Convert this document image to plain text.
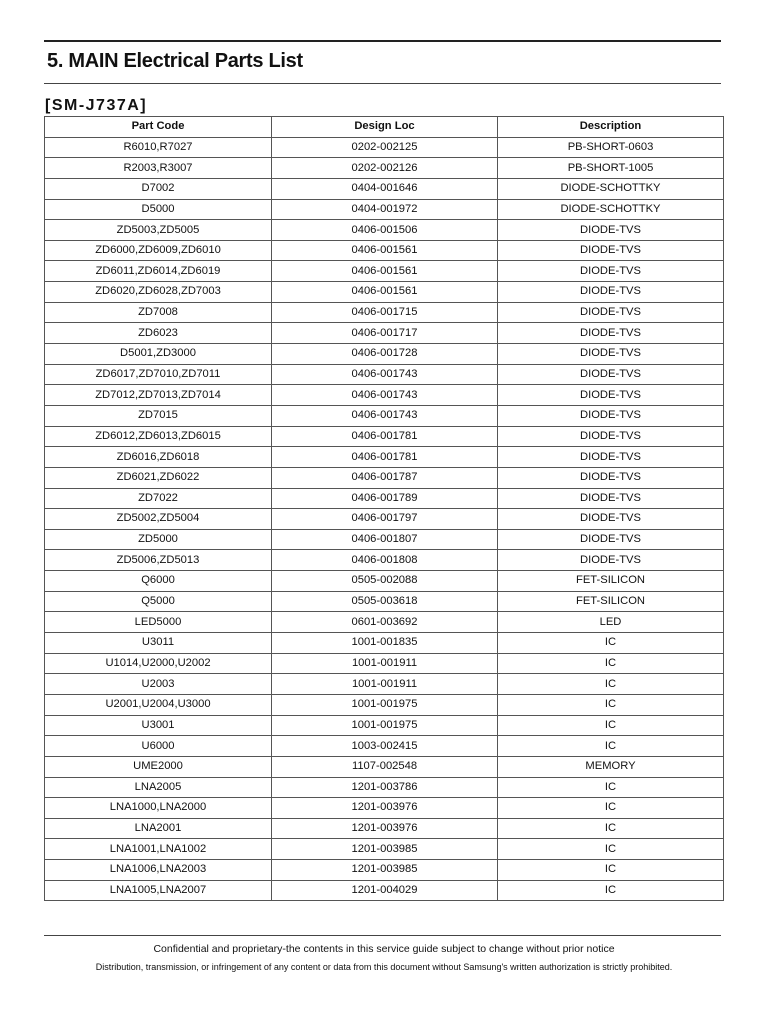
5. MAIN Electrical Parts List
[SM-J737A]
Part Code	Design Loc	Description
R6010,R7027	0202-002125	PB-SHORT-0603
R2003,R3007	0202-002126	PB-SHORT-1005
D7002	0404-001646	DIODE-SCHOTTKY
D5000	0404-001972	DIODE-SCHOTTKY
ZD5003,ZD5005	0406-001506	DIODE-TVS
ZD6000,ZD6009,ZD6010	0406-001561	DIODE-TVS
ZD6011,ZD6014,ZD6019	0406-001561	DIODE-TVS
ZD6020,ZD6028,ZD7003	0406-001561	DIODE-TVS
ZD7008	0406-001715	DIODE-TVS
ZD6023	0406-001717	DIODE-TVS
D5001,ZD3000	0406-001728	DIODE-TVS
ZD6017,ZD7010,ZD7011	0406-001743	DIODE-TVS
ZD7012,ZD7013,ZD7014	0406-001743	DIODE-TVS
ZD7015	0406-001743	DIODE-TVS
ZD6012,ZD6013,ZD6015	0406-001781	DIODE-TVS
ZD6016,ZD6018	0406-001781	DIODE-TVS
ZD6021,ZD6022	0406-001787	DIODE-TVS
ZD7022	0406-001789	DIODE-TVS
ZD5002,ZD5004	0406-001797	DIODE-TVS
ZD5000	0406-001807	DIODE-TVS
ZD5006,ZD5013	0406-001808	DIODE-TVS
Q6000	0505-002088	FET-SILICON
Q5000	0505-003618	FET-SILICON
LED5000	0601-003692	LED
U3011	1001-001835	IC
U1014,U2000,U2002	1001-001911	IC
U2003	1001-001911	IC
U2001,U2004,U3000	1001-001975	IC
U3001	1001-001975	IC
U6000	1003-002415	IC
UME2000	1107-002548	MEMORY
LNA2005	1201-003786	IC
LNA1000,LNA2000	1201-003976	IC
LNA2001	1201-003976	IC
LNA1001,LNA1002	1201-003985	IC
LNA1006,LNA2003	1201-003985	IC
LNA1005,LNA2007	1201-004029	IC
Confidential and proprietary-the contents in this service guide subject to change without prior notice
Distribution, transmission, or infringement of any content or data from this document without Samsung's written authorization is strictly prohibited.
